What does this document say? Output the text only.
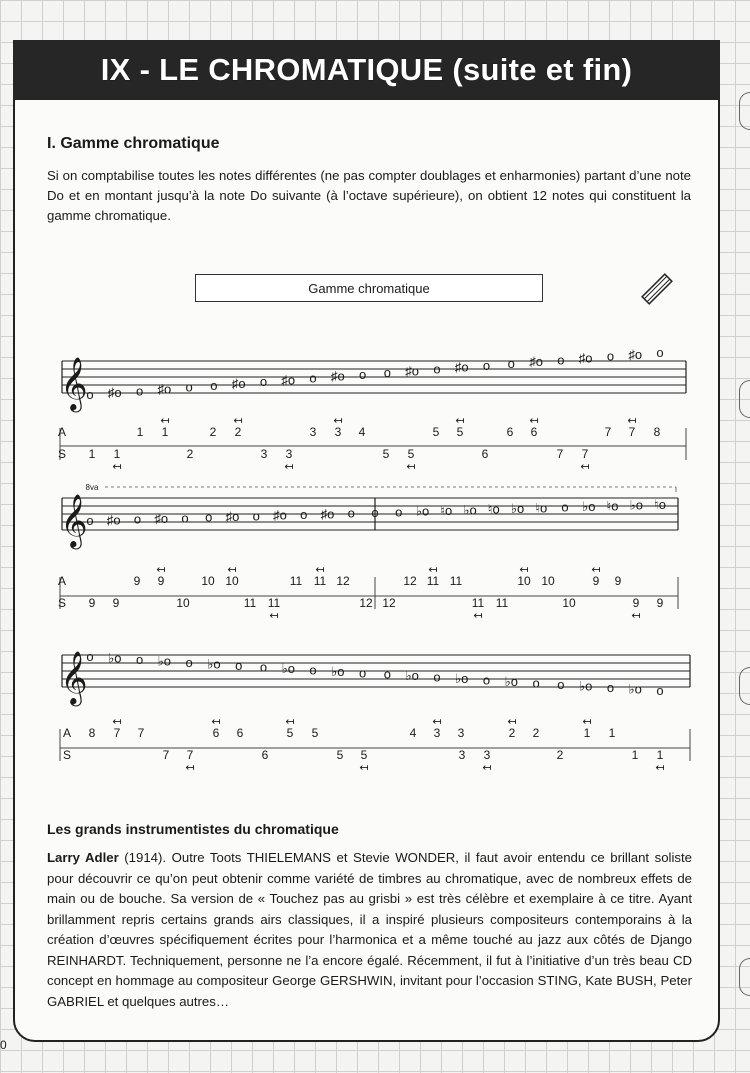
IX - LE CHROMATIQUE (suite et fin)
I. Gamme chromatique
Si on comptabilise toutes les notes différentes (ne pas compter doublages et enharmonies) partant d’une note Do et en montant jusqu’à la note Do suivante (à l’octave supérieure), on obtient 12 notes qui constituent la gamme chromatique.
Gamme chromatique
𝄞
o ♯o o ♯o o o ♯o o ♯o o ♯o o o ♯o o ♯o o o ♯o o ♯o o ♯o o
A	1 1
↤
2 2
↤
3 3
↤
4	5 5
↤
6 6
↤
7 7
↤
8
S 1 1
↤
2	3 3
↤
5 5
↤
6	7 7
↤
𝄞
o ♯o o ♯o o o ♯o o ♯o o ♯o o o o ♭o ♮o ♭o ♮o ♭o ♮o o ♭o ♮o ♭o ♮o
A	9 9
↤
10 10
↤
11 11
↤
12	12 11
↤
11	10
↤
10	9
↤
9
S 9 9	10	11 11
↤
12 12	11
↤
11	10	9
↤
9
𝄞
o ♭o o ♭o o ♭o o o ♭o o ♭o o o ♭o o ♭o o ♭o o o ♭o o ♭o o
A 8 7
↤
7	6
↤
6	5
↤
5	4 3
↤
3	2
↤
2	1
↤
1
S	7 7
↤
6	5 5
↤
3 3
↤
2	1 1
↤
8va
Les grands instrumentistes du chromatique
Larry Adler (1914). Outre Toots THIELEMANS et Stevie WONDER, il faut avoir entendu ce brillant soliste pour découvrir ce qu’on peut obtenir comme variété de timbres au chromatique, avec de nombreux effets de main ou de bouche. Sa version de « Touchez pas au grisbi » est très célèbre et exemplaire à ce titre. Ayant brillamment repris certains grands airs classiques, il a inspiré plusieurs compositeurs contemporains à la création d’œuvres spécifiquement écrites pour l’harmonica et a même touché au jazz aux côtés de Django REINHARDT. Techniquement, personne ne l’a encore égalé. Récemment, il fut à l’initiative d’un très beau CD concept en hommage au compositeur George GERSHWIN, invitant pour l’occasion STING, Kate BUSH, Peter GABRIEL et quelques autres…
0
